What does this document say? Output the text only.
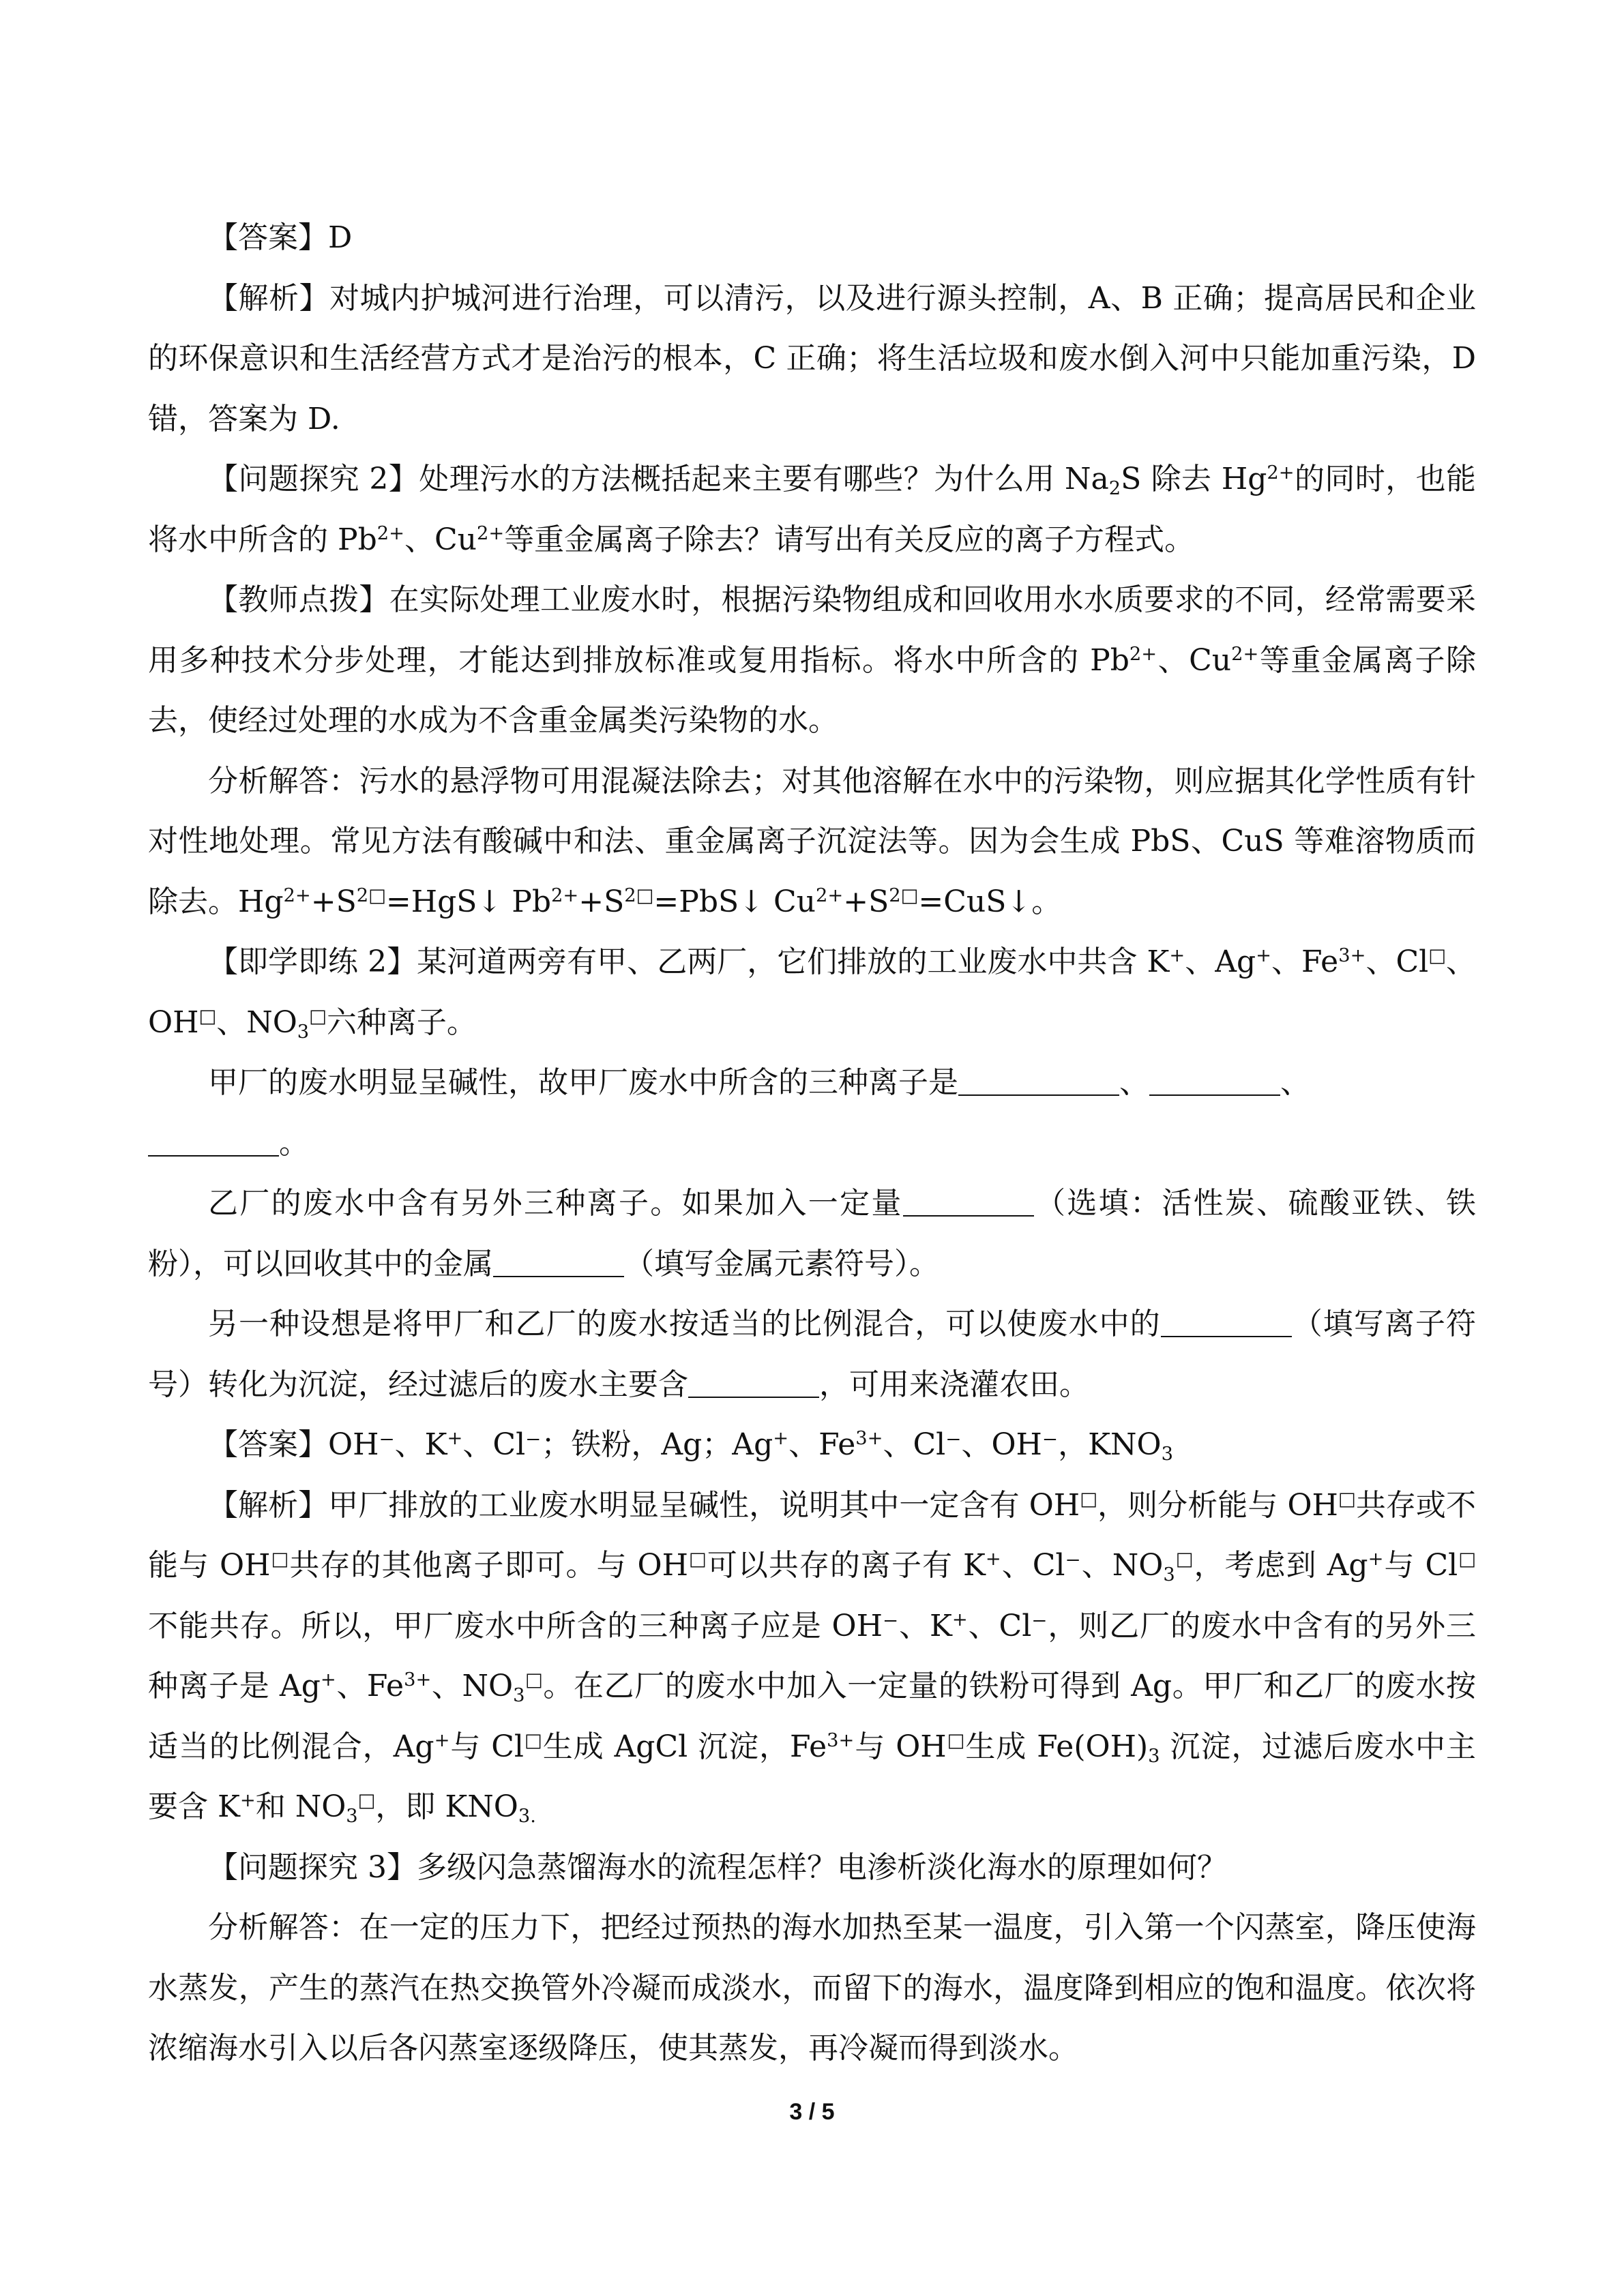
【答案】D

【解析】对城内护城河进行治理，可以清污，以及进行源头控制，A、B 正确；提高居民和企业的环保意识和生活经营方式才是治污的根本，C 正确；将生活垃圾和废水倒入河中只能加重污染，D 错，答案为 D.

【问题探究 2】处理污水的方法概括起来主要有哪些？为什么用 $Na_2S$ 除去 $Hg^{2+}$的同时，也能将水中所含的 $Pb^{2+}$、$Cu^{2+}$等重金属离子除去？请写出有关反应的离子方程式。

【教师点拨】在实际处理工业废水时，根据污染物组成和回收用水水质要求的不同，经常需要采用多种技术分步处理，才能达到排放标准或复用指标。将水中所含的 $Pb^{2+}$、$Cu^{2+}$等重金属离子除去，使经过处理的水成为不含重金属类污染物的水。

分析解答：污水的悬浮物可用混凝法除去；对其他溶解在水中的污染物，则应据其化学性质有针对性地处理。常见方法有酸碱中和法、重金属离子沉淀法等。因为会生成 PbS、CuS 等难溶物质而除去。$Hg^{2+}+S^{2□}=HgS↓$ $Pb^{2+}+S^{2□}=PbS↓$ $Cu^{2+}+S^{2□}=CuS↓$。

【即学即练 2】某河道两旁有甲、乙两厂，它们排放的工业废水中共含 K+、Ag+、$Fe^{3+}$、Cl□、OH□、$NO_3^□$六种离子。

甲厂的废水明显呈碱性，故甲厂废水中所含的三种离子是	、	、
。

乙厂的废水中含有另外三种离子。如果加入一定量	（选填：活性炭、硫酸亚铁、铁粉），可以回收其中的金属	（填写金属元素符号）。

另一种设想是将甲厂和乙厂的废水按适当的比例混合，可以使废水中的	（填写离子符号）转化为沉淀，经过滤后的废水主要含	，可用来浇灌农田。

【答案】OH⁻、K+、Cl⁻；铁粉，Ag；Ag+、$Fe^{3+}$、Cl⁻、OH⁻，$KNO_3$

【解析】甲厂排放的工业废水明显呈碱性，说明其中一定含有 OH□，则分析能与 OH□共存或不能与 OH□共存的其他离子即可。与 OH□可以共存的离子有 K+、Cl⁻、$NO_3^□$，考虑到 Ag+与 Cl□不能共存。所以，甲厂废水中所含的三种离子应是 OH⁻、K+、Cl⁻，则乙厂的废水中含有的另外三种离子是 Ag+、$Fe^{3+}$、$NO_3^□$。在乙厂的废水中加入一定量的铁粉可得到 Ag。甲厂和乙厂的废水按适当的比例混合，Ag+与 Cl□生成 AgCl 沉淀，$Fe^{3+}$与 OH□生成 $Fe(OH)_3$ 沉淀，过滤后废水中主要含 K+和 $NO_3^□$，即 $KNO_{3.}$

【问题探究 3】多级闪急蒸馏海水的流程怎样？电渗析淡化海水的原理如何？

分析解答：在一定的压力下，把经过预热的海水加热至某一温度，引入第一个闪蒸室，降压使海水蒸发，产生的蒸汽在热交换管外冷凝而成淡水，而留下的海水，温度降到相应的饱和温度。依次将浓缩海水引入以后各闪蒸室逐级降压，使其蒸发，再冷凝而得到淡水。

3 / 5
